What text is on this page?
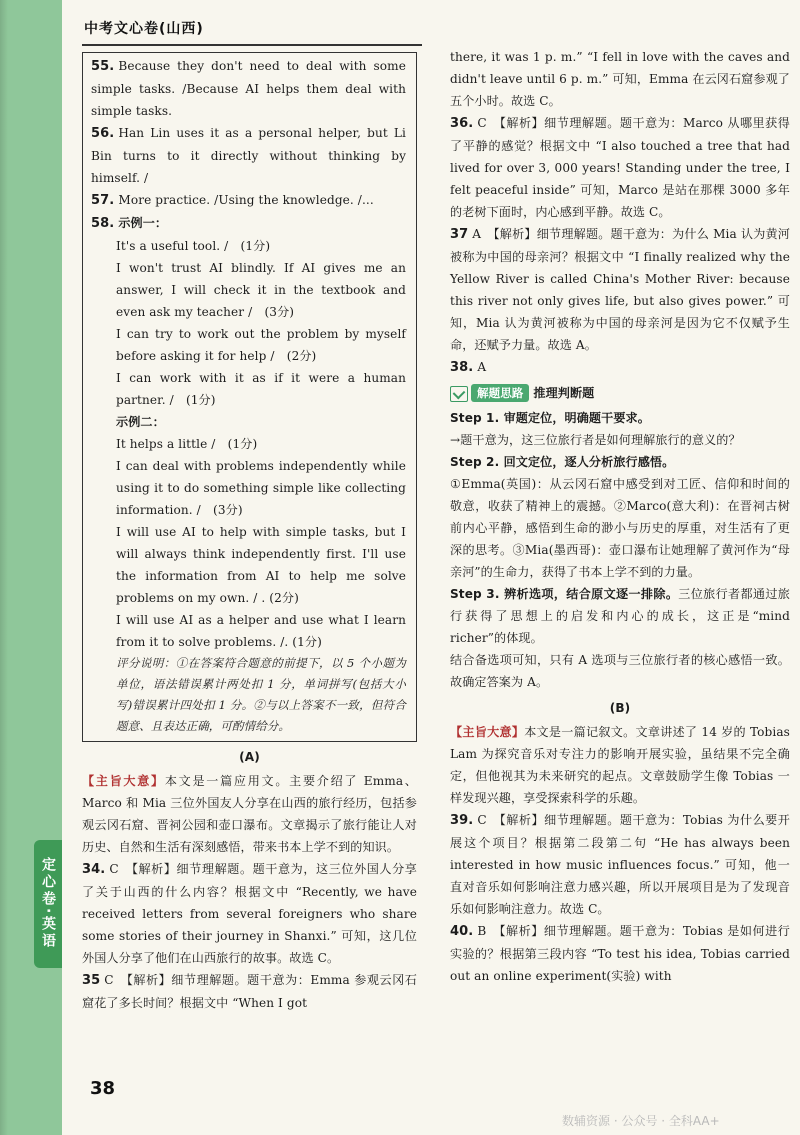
定心卷·英语
中考文心卷(山西)
55. Because they don't need to deal with some simple tasks. /Because AI helps them deal with simple tasks.
56. Han Lin uses it as a personal helper, but Li Bin turns to it directly without thinking by himself. /
57. More practice. /Using the knowledge. /...
58. 示例一：
It's a useful tool. /　(1分)
I won't trust AI blindly. If AI gives me an answer, I will check it in the textbook and even ask my teacher /　(3分)
I can try to work out the problem by myself before asking it for help /　(2分)
I can work with it as if it were a human partner. /　(1分)
示例二：
It helps a little /　(1分)
I can deal with problems independently while using it to do something simple like collecting information. /　(3分)
I will use AI to help with simple tasks, but I will always think independently first. I'll use the information from AI to help me solve problems on my own. / . (2分)
I will use AI as a helper and use what I learn from it to solve problems. /. (1分)
评分说明：①在答案符合题意的前提下，以 5 个小题为单位，语法错误累计两处扣 1 分，单词拼写(包括大小写)错误累计四处扣 1 分。②与以上答案不一致，但符合题意、且表达正确，可酌情给分。
(A)
【主旨大意】本文是一篇应用文。主要介绍了 Emma、Marco 和 Mia 三位外国友人分享在山西的旅行经历，包括参观云冈石窟、晋祠公园和壶口瀑布。文章揭示了旅行能让人对历史、自然和生活有深刻感悟，带来书本上学不到的知识。
34. C　【解析】细节理解题。题干意为，这三位外国人分享了关于山西的什么内容？根据文中 “Recently, we have received letters from several foreigners who share some stories of their journey in Shanxi.” 可知，这几位外国人分享了他们在山西旅行的故事。故选 C。
35 C　【解析】细节理解题。题干意为：Emma 参观云冈石窟花了多长时间？根据文中 “When I got
there, it was 1 p. m.” “I fell in love with the caves and didn't leave until 6 p. m.” 可知，Emma 在云冈石窟参观了五个小时。故选 C。
36. C　【解析】细节理解题。题干意为：Marco 从哪里获得了平静的感觉？根据文中 “I also touched a tree that had lived for over 3, 000 years! Standing under the tree, I felt peaceful inside” 可知，Marco 是站在那棵 3000 多年的老树下面时，内心感到平静。故选 C。
37 A　【解析】细节理解题。题干意为：为什么 Mia 认为黄河被称为中国的母亲河？根据文中 “I finally realized why the Yellow River is called China's Mother River: because this river not only gives life, but also gives power.” 可知，Mia 认为黄河被称为中国的母亲河是因为它不仅赋予生命，还赋予力量。故选 A。
38. A
解题思路 推理判断题
Step 1. 审题定位，明确题干要求。
→题干意为，这三位旅行者是如何理解旅行的意义的？
Step 2. 回文定位，逐人分析旅行感悟。
①Emma(英国)：从云冈石窟中感受到对工匠、信仰和时间的敬意，收获了精神上的震撼。②Marco(意大利)：在晋祠古树前内心平静，感悟到生命的渺小与历史的厚重，对生活有了更深的思考。③Mia(墨西哥)：壶口瀑布让她理解了黄河作为“母亲河”的生命力，获得了书本上学不到的力量。
Step 3. 辨析选项，结合原文逐一排除。三位旅行者都通过旅行获得了思想上的启发和内心的成长，这正是“mind richer”的体现。
结合备选项可知，只有 A 选项与三位旅行者的核心感悟一致。故确定答案为 A。
(B)
【主旨大意】本文是一篇记叙文。文章讲述了 14 岁的 Tobias Lam 为探究音乐对专注力的影响开展实验，虽结果不完全确定，但他视其为未来研究的起点。文章鼓励学生像 Tobias 一样发现兴趣，享受探索科学的乐趣。
39. C　【解析】细节理解题。题干意为：Tobias 为什么要开展这个项目？根据第二段第二句 “He has always been interested in how music influences focus.” 可知，他一直对音乐如何影响注意力感兴趣，所以开展项目是为了发现音乐如何影响注意力。故选 C。
40. B　【解析】细节理解题。题干意为：Tobias 是如何进行实验的？根据第三段内容 “To test his idea, Tobias carried out an online experiment(实验) with
38
数辅资源 · 公众号 · 全科AA+
